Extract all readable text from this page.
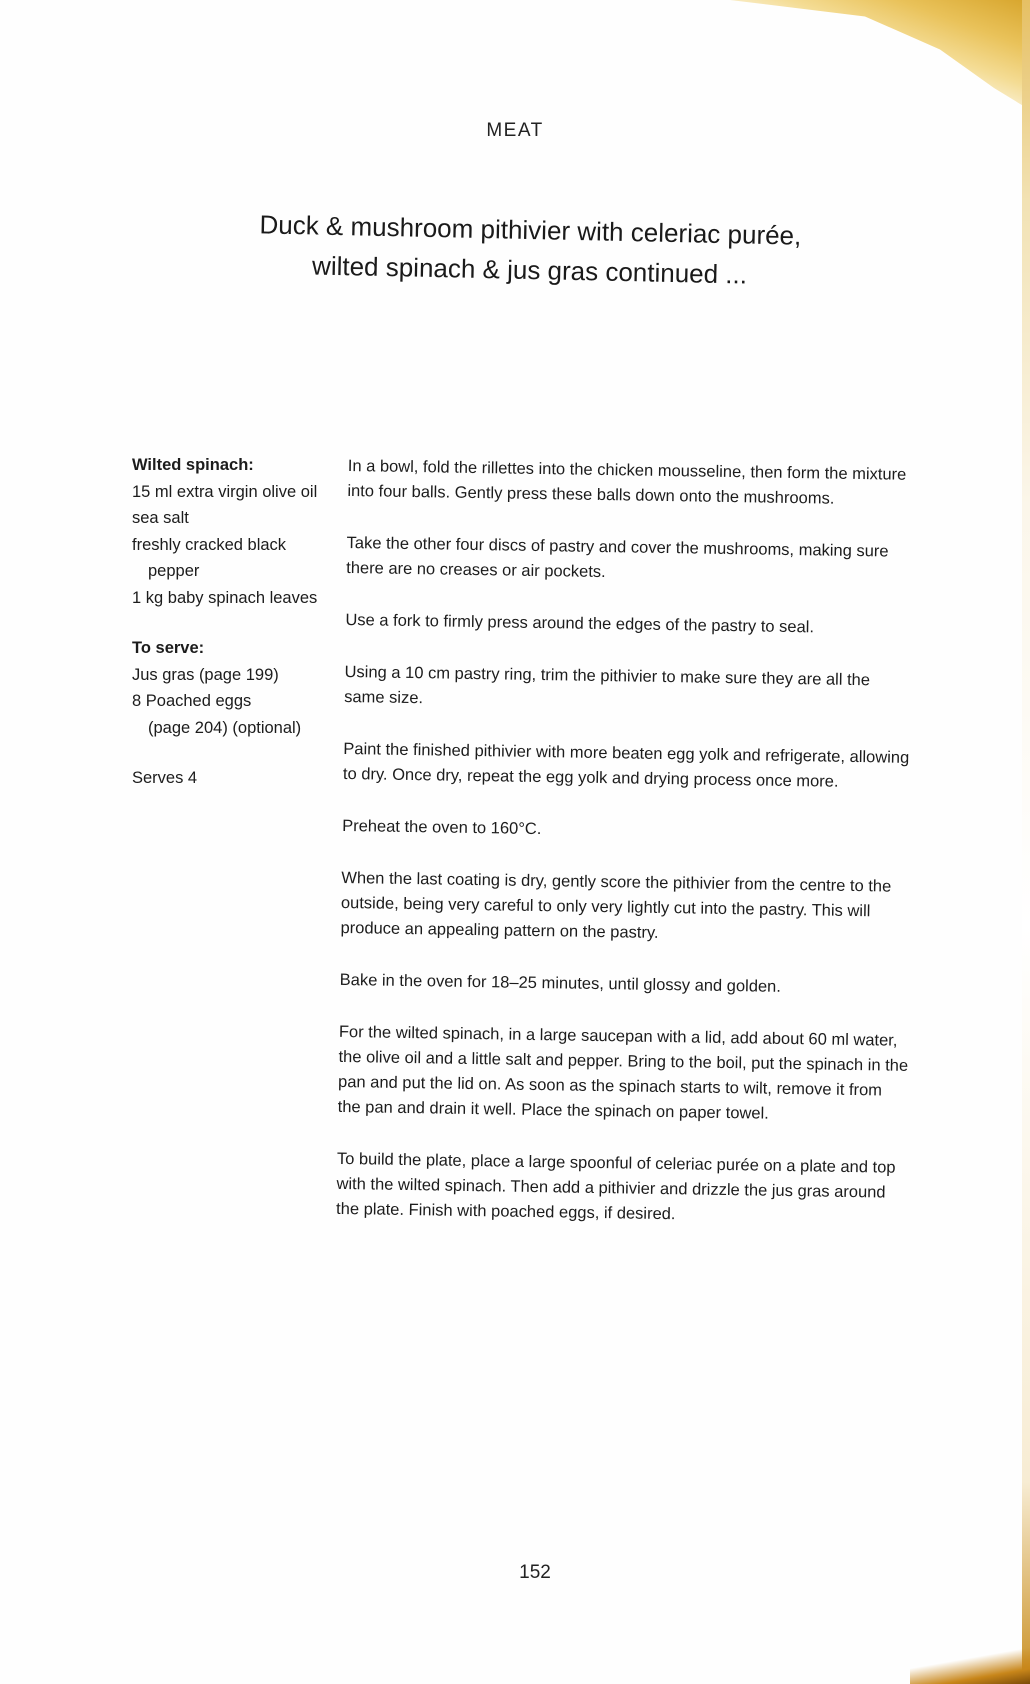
MEAT
Duck & mushroom pithivier with celeriac purée,
wilted spinach & jus gras continued ...
Wilted spinach:
15 ml extra virgin olive oil
sea salt
freshly cracked black
pepper
1 kg baby spinach leaves
To serve:
Jus gras (page 199)
8 Poached eggs
(page 204) (optional)
Serves 4

In a bowl, fold the rillettes into the chicken mousseline, then form the mixture into four balls. Gently press these balls down onto the mushrooms.

Take the other four discs of pastry and cover the mushrooms, making sure there are no creases or air pockets.

Use a fork to firmly press around the edges of the pastry to seal.

Using a 10 cm pastry ring, trim the pithivier to make sure they are all the same size.

Paint the finished pithivier with more beaten egg yolk and refrigerate, allowing to dry. Once dry, repeat the egg yolk and drying process once more.

Preheat the oven to 160°C.

When the last coating is dry, gently score the pithivier from the centre to the outside, being very careful to only very lightly cut into the pastry. This will produce an appealing pattern on the pastry.

Bake in the oven for 18–25 minutes, until glossy and golden.

For the wilted spinach, in a large saucepan with a lid, add about 60 ml water, the olive oil and a little salt and pepper. Bring to the boil, put the spinach in the pan and put the lid on. As soon as the spinach starts to wilt, remove it from the pan and drain it well. Place the spinach on paper towel.

To build the plate, place a large spoonful of celeriac purée on a plate and top with the wilted spinach. Then add a pithivier and drizzle the jus gras around the plate. Finish with poached eggs, if desired.

152
